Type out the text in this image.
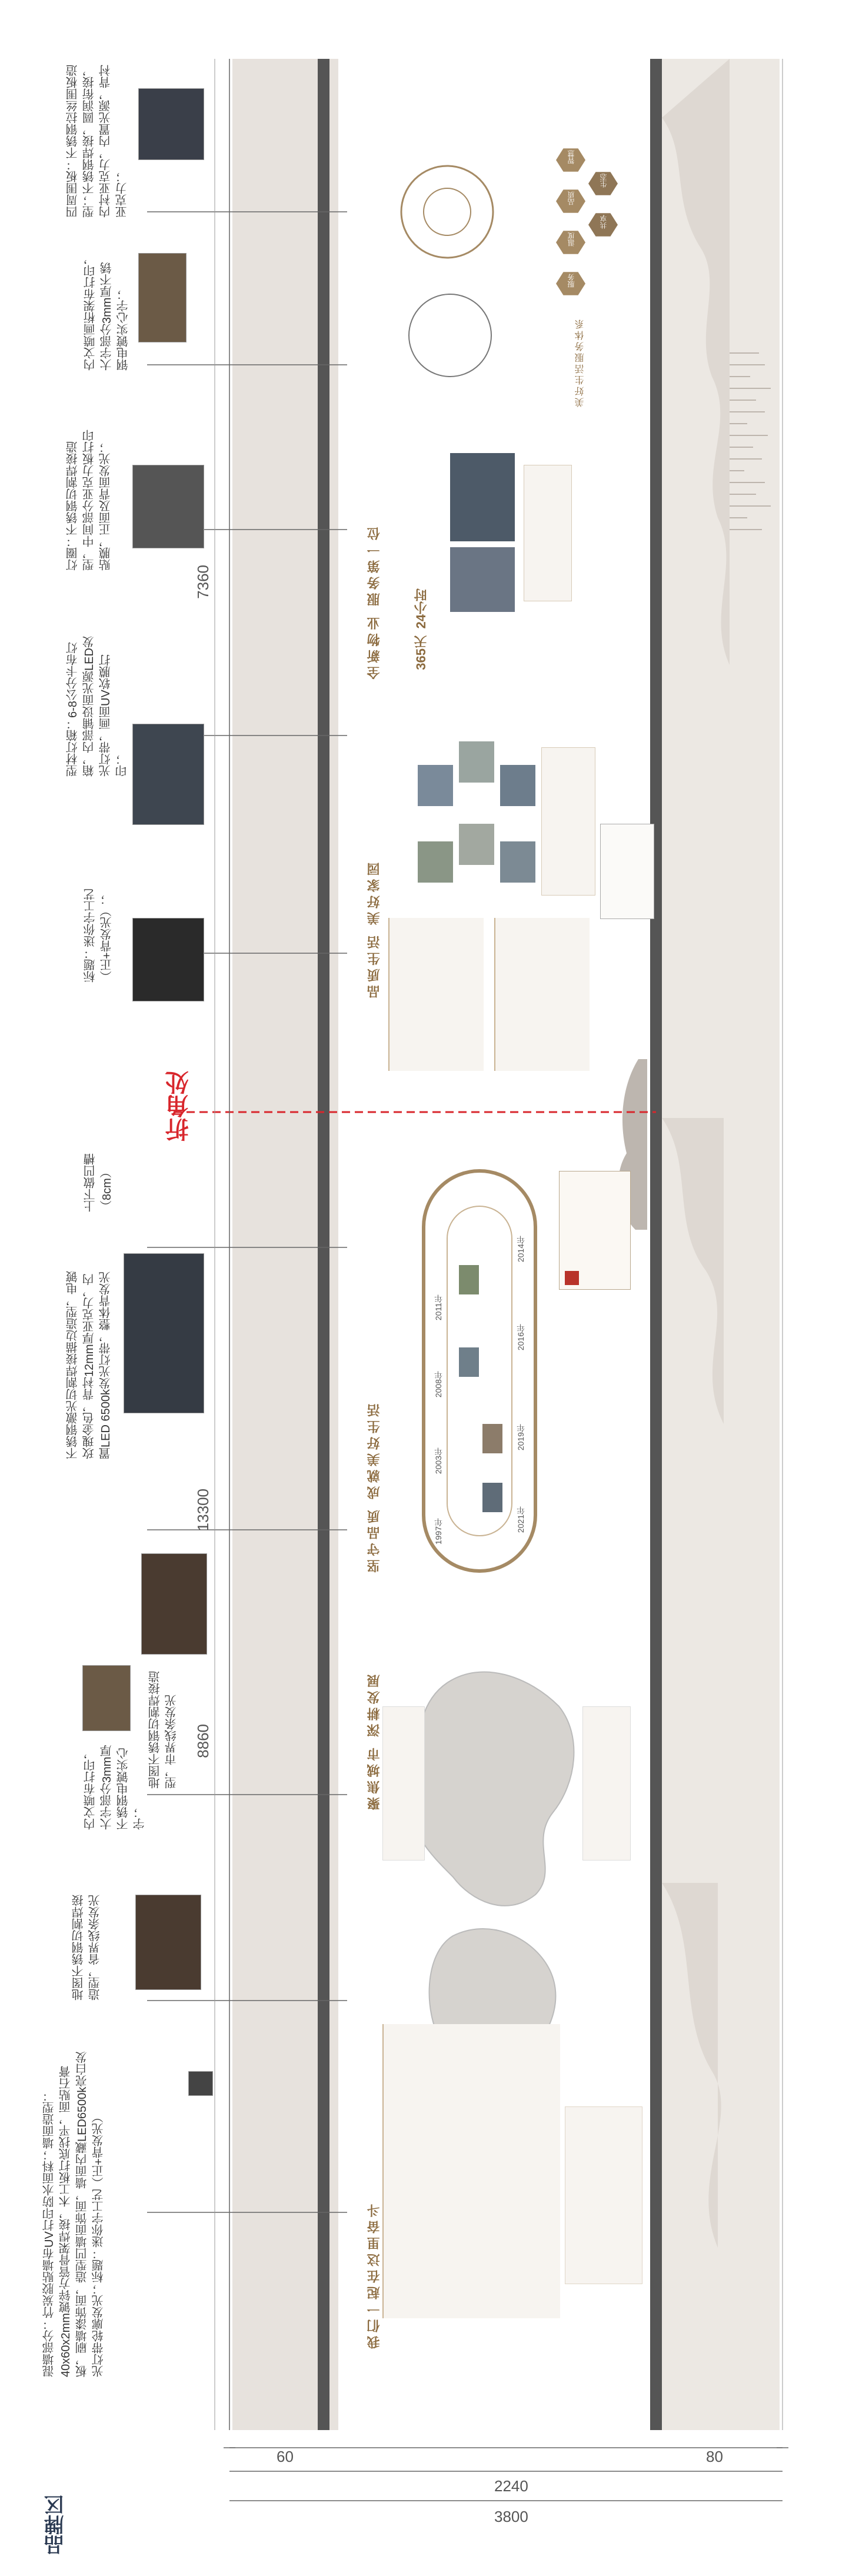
品牌区
折角处
3800
2240
60	80
13300
8860
7360
四周围板：不锈钢拉丝围板造型；不锈钢焊接，圆润衔接，内衬亚克力，内置光源，背衬亚克力；
内文喷画桁架布打印，大字部分3mm厚不锈钢电镀实心字；
灯圈：不锈钢切割焊接造型，中间部分亚克力板打印贴膜，正面及背面发光；
型材灯箱：6-8公分卡布灯箱，内部铺设面光源LED发光灯带，画面UV软膜打印；
标题：迷你字工艺（正+背发光）；
上下做凹槽（8cm）
不锈钢激光切割焊接描边造型，电镀玫瑰金色，背衬12mm厚亚克力，内置LED 6500k发光灯带，整体背发光
地图不锈钢切割焊接造型，市界线条发光
内文喷布打印，大字部分3mm厚不锈钢电镀实心字；
地图不锈钢切割焊接造型，省界线条发光
混墙部分：竹炭胶贴墙布UV打印防水面料；墙面造型：40x60x2mm镀锌方管骨架焊接，木工板打底找平，面贴石膏板，刷墙漆饰面，造型凹墙面饰面，墙面内藏LED6500k亮白发光灯带轮廓发光；标题：迷你字工艺（正+背发光）	我们一起在这里奋斗
聚焦城市 深耕发展
坚守品质 成就美好生活
品质生活 美好家园
全新物业 服务第一位
美好生活服务体系
1997年
2003年
2008年
2011年
2014年
2016年
2019年
2021年
智慧
品质
温度
服务
生态
共享
24小时
365天
